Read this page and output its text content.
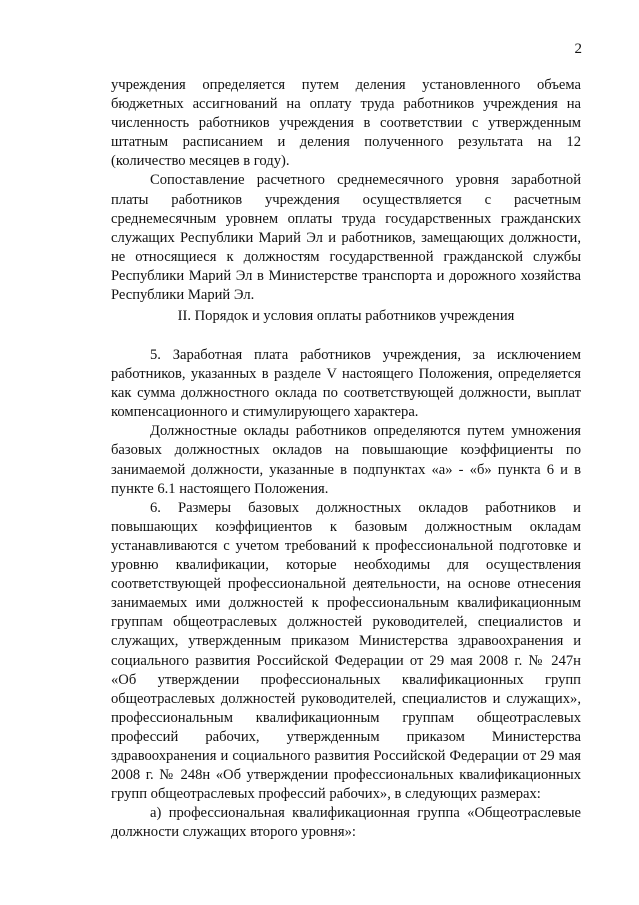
2

учреждения определяется путем деления установленного объема бюджетных ассигнований на оплату труда работников учреждения на численность работников учреждения в соответствии с утвержденным штатным расписанием и деления полученного результата на 12 (количество месяцев в году).

Сопоставление расчетного среднемесячного уровня заработной платы работников учреждения осуществляется с расчетным среднемесячным уровнем оплаты труда государственных гражданских служащих Республики Марий Эл и работников, замещающих должности, не относящиеся к должностям государственной гражданской службы Республики Марий Эл в Министерстве транспорта и дорожного хозяйства Республики Марий Эл.

II. Порядок и условия оплаты работников учреждения

5. Заработная плата работников учреждения, за исключением работников, указанных в разделе V настоящего Положения, определяется как сумма должностного оклада по соответствующей должности, выплат компенсационного и стимулирующего характера.

Должностные оклады работников определяются путем умножения базовых должностных окладов на повышающие коэффициенты по занимаемой должности, указанные в подпунктах «а» - «б» пункта 6 и в пункте 6.1 настоящего Положения.

6. Размеры базовых должностных окладов работников и повышающих коэффициентов к базовым должностным окладам устанавливаются с учетом требований к профессиональной подготовке и уровню квалификации, которые необходимы для осуществления соответствующей профессиональной деятельности, на основе отнесения занимаемых ими должностей к профессиональным квалификационным группам общеотраслевых должностей руководителей, специалистов и служащих, утвержденным приказом Министерства здравоохранения и социального развития Российской Федерации от 29 мая 2008 г. № 247н «Об утверждении профессиональных квалификационных групп общеотраслевых должностей руководителей, специалистов и служащих», профессиональным квалификационным группам общеотраслевых профессий рабочих, утвержденным приказом Министерства здравоохранения и социального развития Российской Федерации от 29 мая 2008 г. № 248н «Об утверждении профессиональных квалификационных групп общеотраслевых профессий рабочих», в следующих размерах:

а) профессиональная квалификационная группа «Общеотраслевые должности служащих второго уровня»:
